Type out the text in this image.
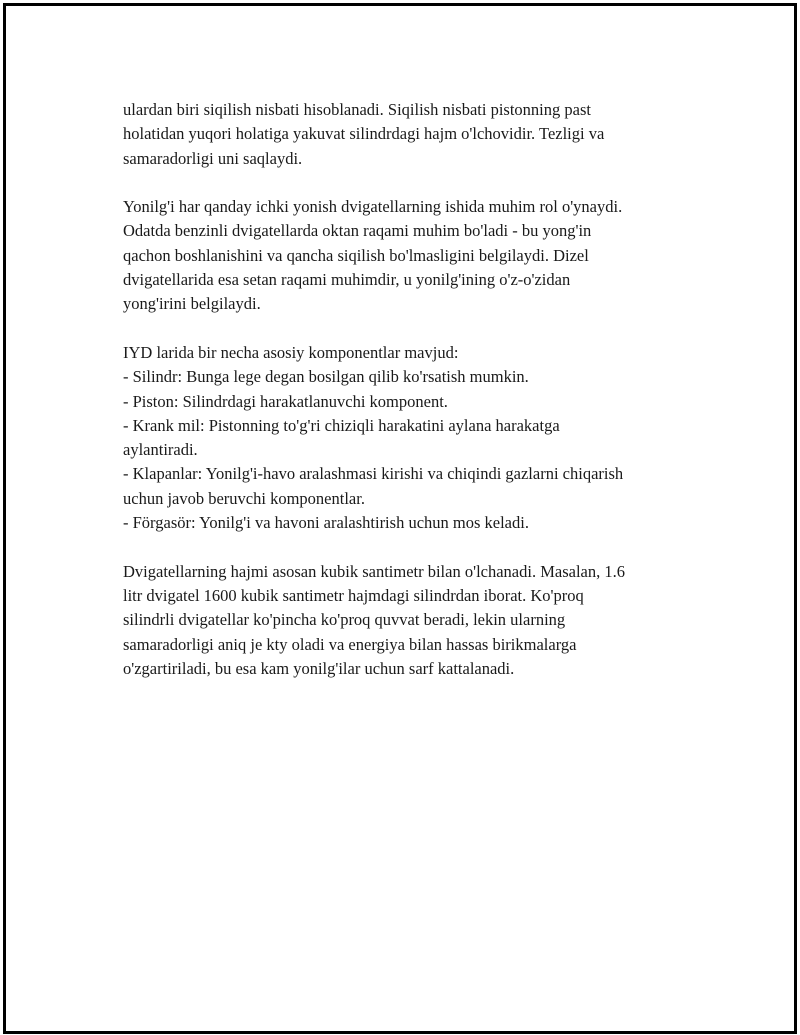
ulardan biri siqilish nisbati hisoblanadi. Siqilish nisbati pistonning past
holatidan yuqori holatiga yakuvat silindrdagi hajm o'lchovidir. Tezligi va
samaradorligi uni saqlaydi.

Yonilg'i har qanday ichki yonish dvigatellarning ishida muhim rol o'ynaydi.
Odatda benzinli dvigatellarda oktan raqami muhim bo'ladi - bu yong'in
qachon boshlanishini va qancha siqilish bo'lmasligini belgilaydi. Dizel
dvigatellarida esa setan raqami muhimdir, u yonilg'ining o'z-o'zidan
yong'irini belgilaydi.

IYD larida bir necha asosiy komponentlar mavjud:
- Silindr: Bunga lege degan bosilgan qilib ko'rsatish mumkin.
- Piston: Silindrdagi harakatlanuvchi komponent.
- Krank mil: Pistonning to'g'ri chiziqli harakatini aylana harakatga
aylantiradi.
- Klapanlar: Yonilg'i-havo aralashmasi kirishi va chiqindi gazlarni chiqarish
uchun javob beruvchi komponentlar.
- Förgasör: Yonilg'i va havoni aralashtirish uchun mos keladi.

Dvigatellarning hajmi asosan kubik santimetr bilan o'lchanadi. Masalan, 1.6
litr dvigatel 1600 kubik santimetr hajmdagi silindrdan iborat. Ko'proq
silindrli dvigatellar ko'pincha ko'proq quvvat beradi, lekin ularning
samaradorligi aniq je kty oladi va energiya bilan hassas birikmalarga
o'zgartiriladi, bu esa kam yonilg'ilar uchun sarf kattalanadi.
